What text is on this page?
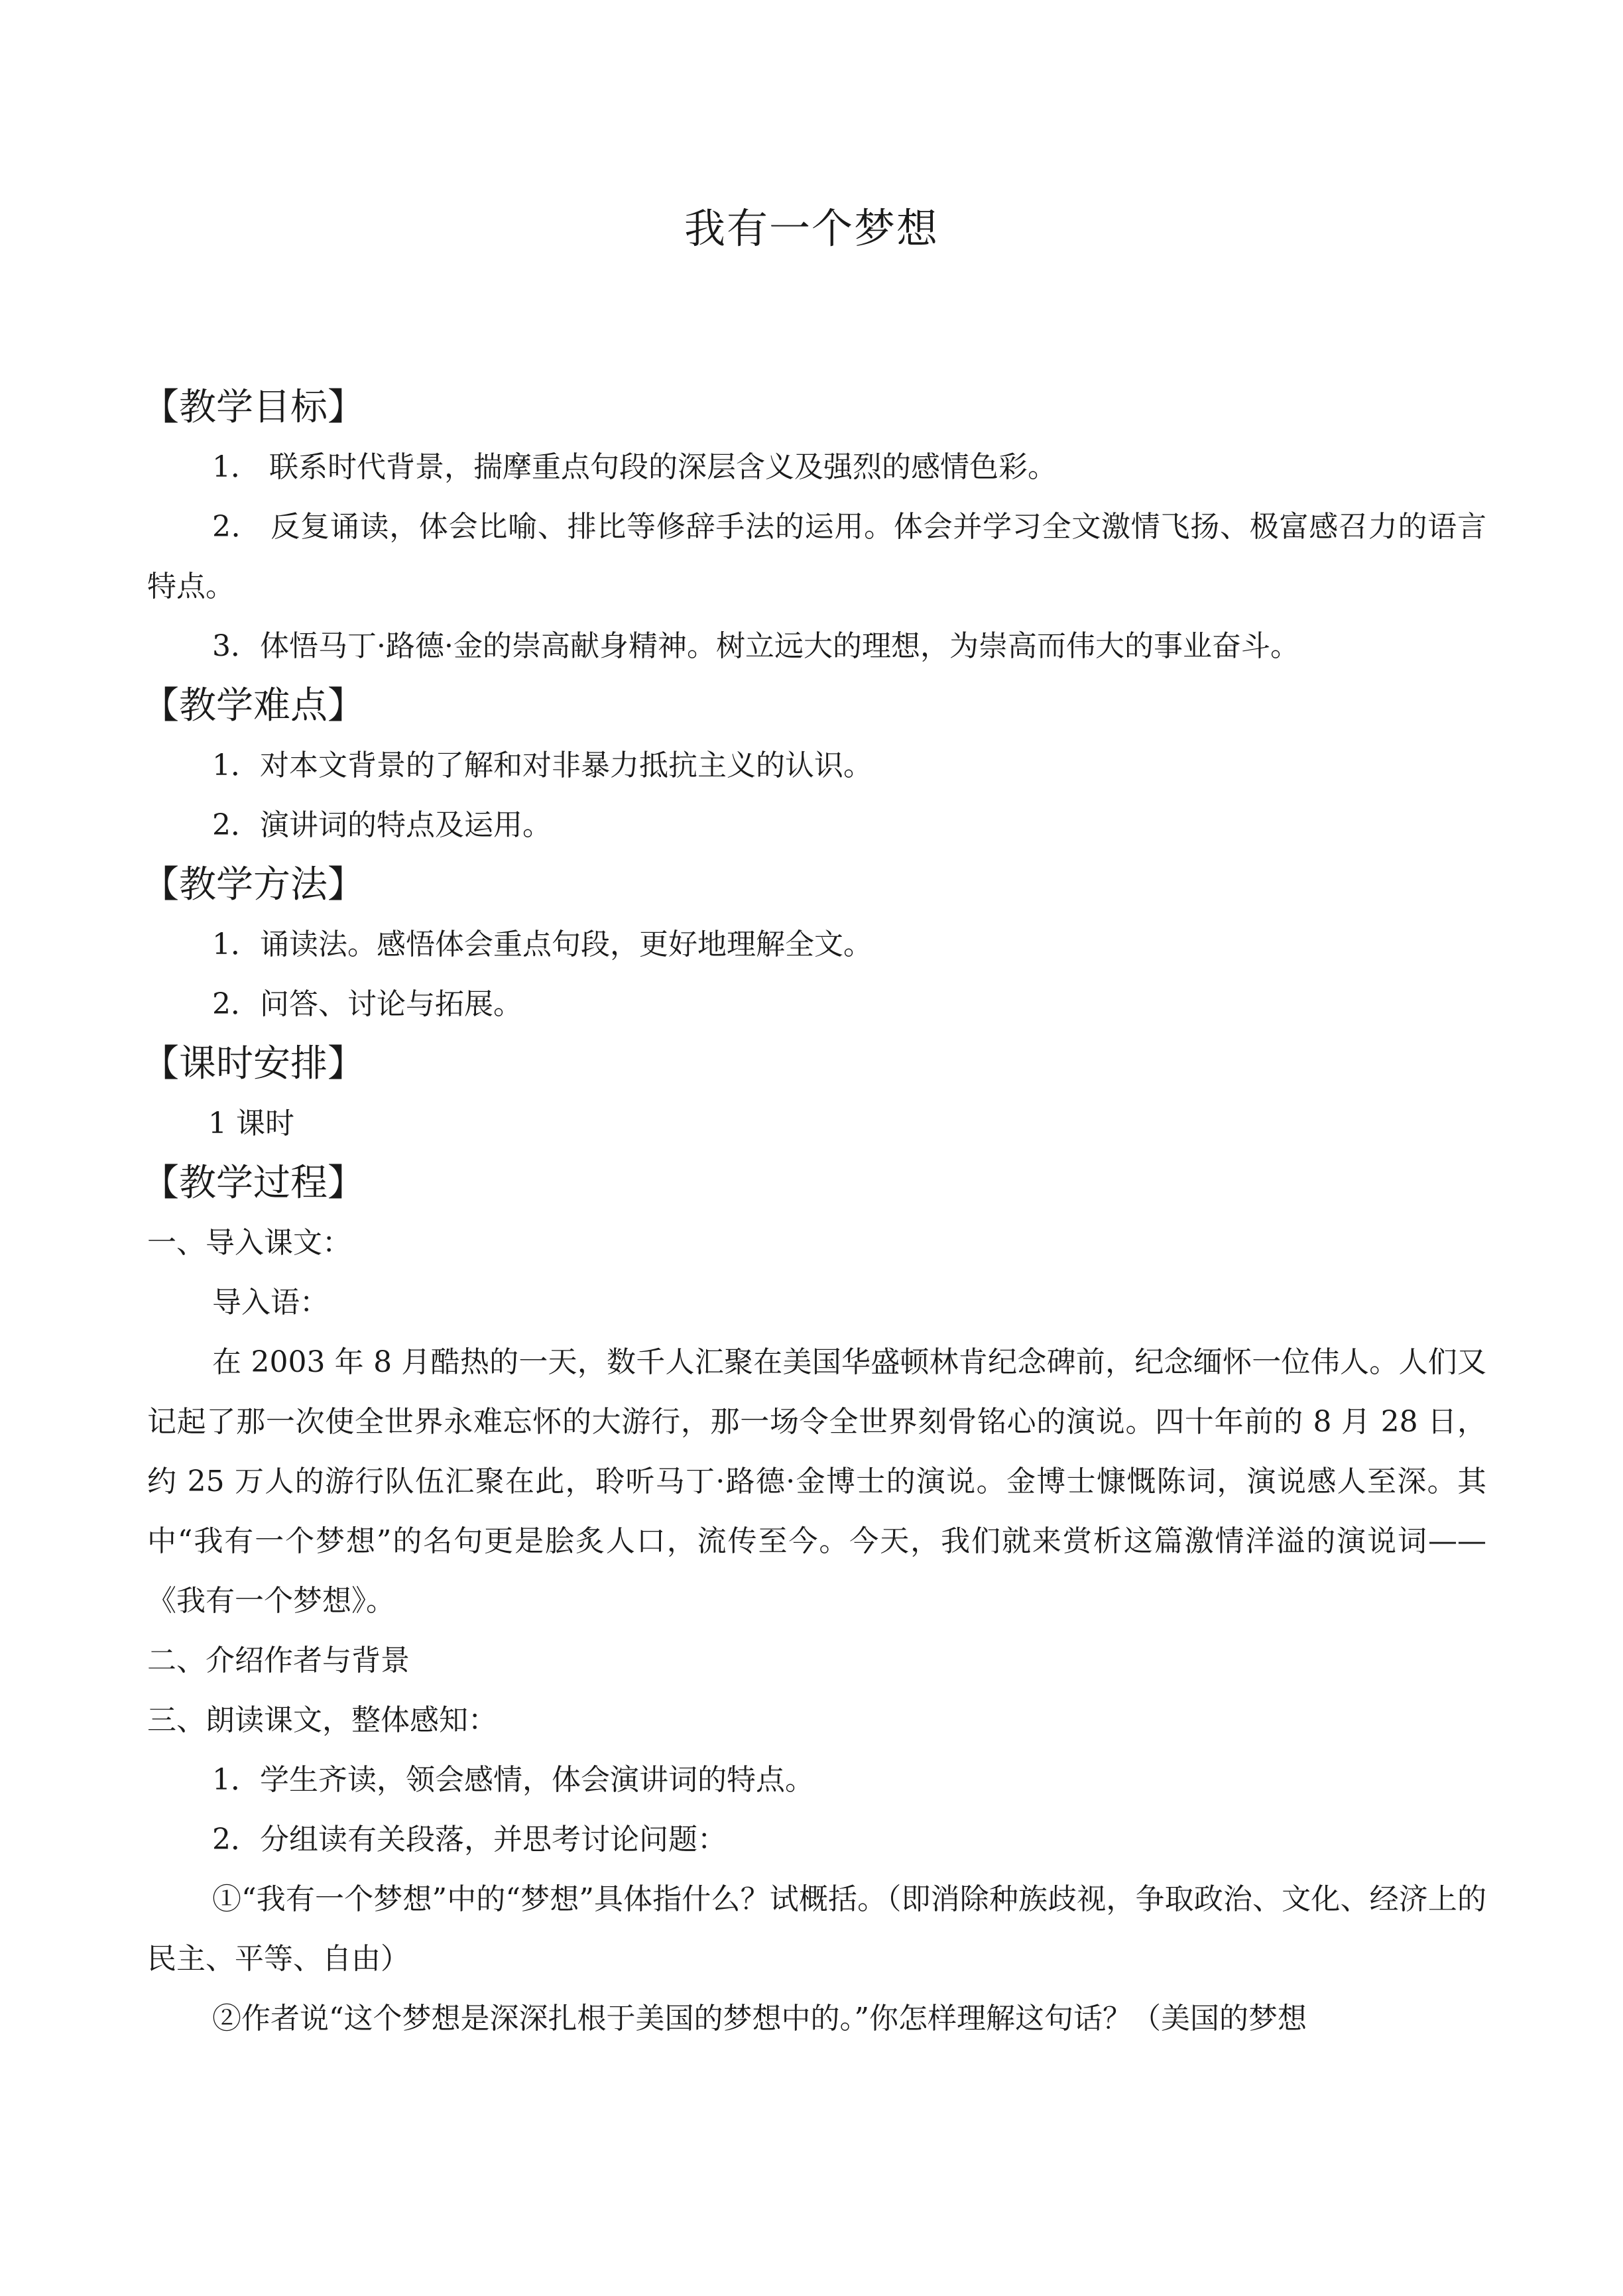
我有一个梦想
【教学目标】
1． 联系时代背景，揣摩重点句段的深层含义及强烈的感情色彩。
2． 反复诵读，体会比喻、排比等修辞手法的运用。体会并学习全文激情飞扬、极富感召力的语言特点。
3．体悟马丁·路德·金的崇高献身精神。树立远大的理想，为崇高而伟大的事业奋斗。
【教学难点】
1．对本文背景的了解和对非暴力抵抗主义的认识。
2．演讲词的特点及运用。
【教学方法】
1．诵读法。感悟体会重点句段，更好地理解全文。
2．问答、讨论与拓展。
【课时安排】
1 课时
【教学过程】
一、导入课文：
导入语：
在 2003 年 8 月酷热的一天，数千人汇聚在美国华盛顿林肯纪念碑前，纪念缅怀一位伟人。人们又记起了那一次使全世界永难忘怀的大游行，那一场令全世界刻骨铭心的演说。四十年前的 8 月 28 日，约 25 万人的游行队伍汇聚在此，聆听马丁·路德·金博士的演说。金博士慷慨陈词，演说感人至深。其中“我有一个梦想”的名句更是脍炙人口，流传至今。今天，我们就来赏析这篇激情洋溢的演说词——《我有一个梦想》。
二、介绍作者与背景
三、朗读课文，整体感知：
1．学生齐读，领会感情，体会演讲词的特点。
2．分组读有关段落，并思考讨论问题：
①“我有一个梦想”中的“梦想”具体指什么？试概括。（即消除种族歧视，争取政治、文化、经济上的民主、平等、自由）
②作者说“这个梦想是深深扎根于美国的梦想中的。”你怎样理解这句话？（美国的梦想
